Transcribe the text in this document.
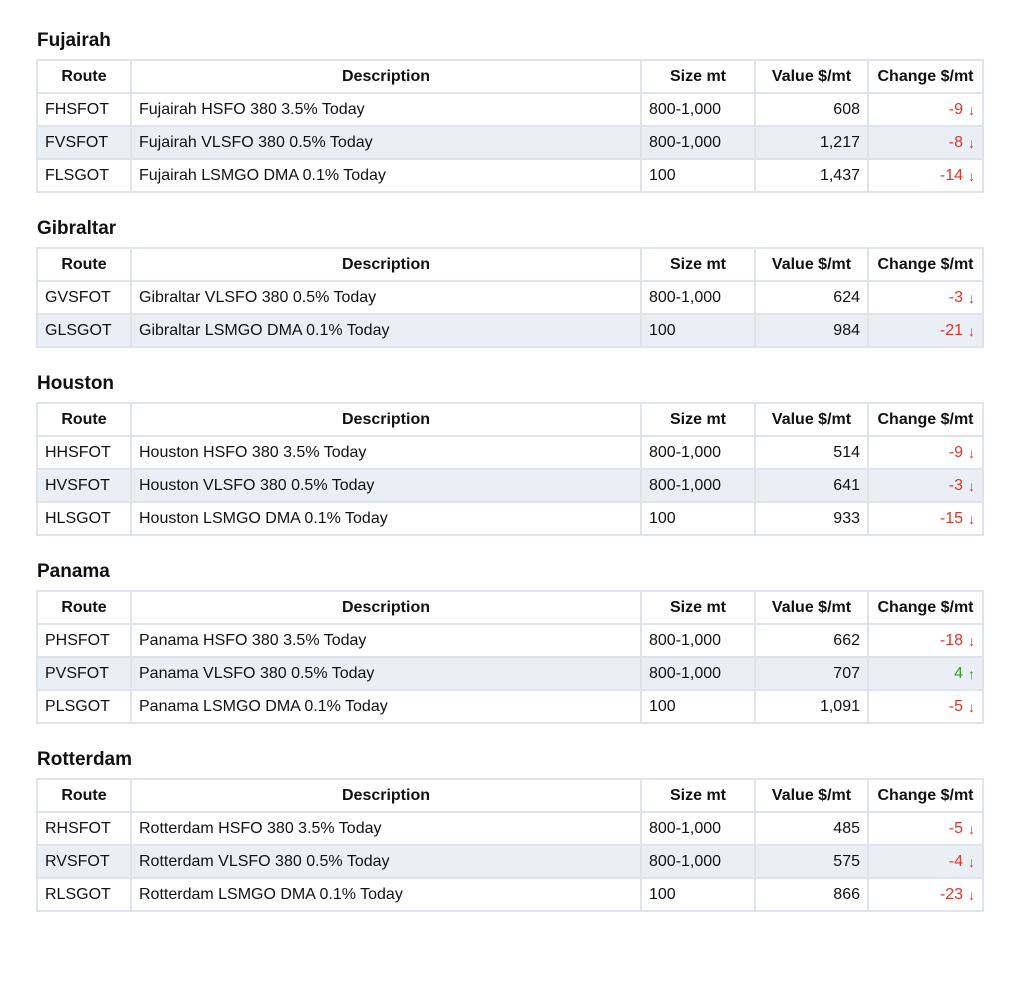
Fujairah
Route	Description	Size mt	Value $/mt	Change $/mt
FHSFOT	Fujairah HSFO 380 3.5% Today	800-1,000	608	-9 ↓

FVSFOT	Fujairah VLSFO 380 0.5% Today	800-1,000	1,217	-8 ↓

FLSGOT	Fujairah LSMGO DMA 0.1% Today	100	1,437	-14 ↓
Gibraltar
Route	Description	Size mt	Value $/mt	Change $/mt
GVSFOT	Gibraltar VLSFO 380 0.5% Today	800-1,000	624	-3 ↓

GLSGOT	Gibraltar LSMGO DMA 0.1% Today	100	984	-21 ↓
Houston
Route	Description	Size mt	Value $/mt	Change $/mt
HHSFOT	Houston HSFO 380 3.5% Today	800-1,000	514	-9 ↓

HVSFOT	Houston VLSFO 380 0.5% Today	800-1,000	641	-3 ↓

HLSGOT	Houston LSMGO DMA 0.1% Today	100	933	-15 ↓
Panama
Route	Description	Size mt	Value $/mt	Change $/mt
PHSFOT	Panama HSFO 380 3.5% Today	800-1,000	662	-18 ↓

PVSFOT	Panama VLSFO 380 0.5% Today	800-1,000	707	4 ↑

PLSGOT	Panama LSMGO DMA 0.1% Today	100	1,091	-5 ↓
Rotterdam
Route	Description	Size mt	Value $/mt	Change $/mt
RHSFOT	Rotterdam HSFO 380 3.5% Today	800-1,000	485	-5 ↓

RVSFOT	Rotterdam VLSFO 380 0.5% Today	800-1,000	575	-4 ↓

RLSGOT	Rotterdam LSMGO DMA 0.1% Today	100	866	-23 ↓
